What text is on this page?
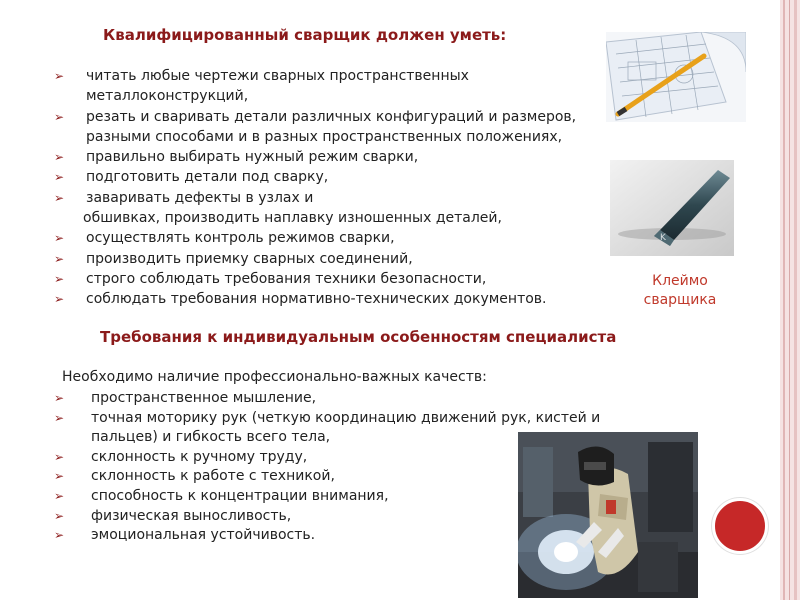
Квалифицированный сварщик должен уметь:
➢	читать любые чертежи сварных пространственных
металлоконструкций,
➢	резать и сваривать детали различных конфигураций и размеров,
разными способами и в разных пространственных положениях,
➢	правильно выбирать нужный режим сварки,
➢	подготовить детали под сварку,
➢	заваривать дефекты в узлах и
обшивках, производить наплавку изношенных деталей,
➢	осуществлять контроль режимов сварки,
➢	производить приемку сварных соединений,
➢	строго соблюдать требования техники безопасности,
➢	соблюдать требования нормативно-технических документов.
K
Клеймо
сварщика
Требования к индивидуальным особенностям специалиста
Необходимо наличие профессионально-важных качеств:
➢	пространственное мышление,
➢	точная моторику рук (четкую координацию движений рук, кистей и
пальцев) и гибкость всего тела,
➢	склонность к ручному труду,
➢	склонность к работе с техникой,
➢	способность к концентрации внимания,
➢	физическая выносливость,
➢	эмоциональная устойчивость.
